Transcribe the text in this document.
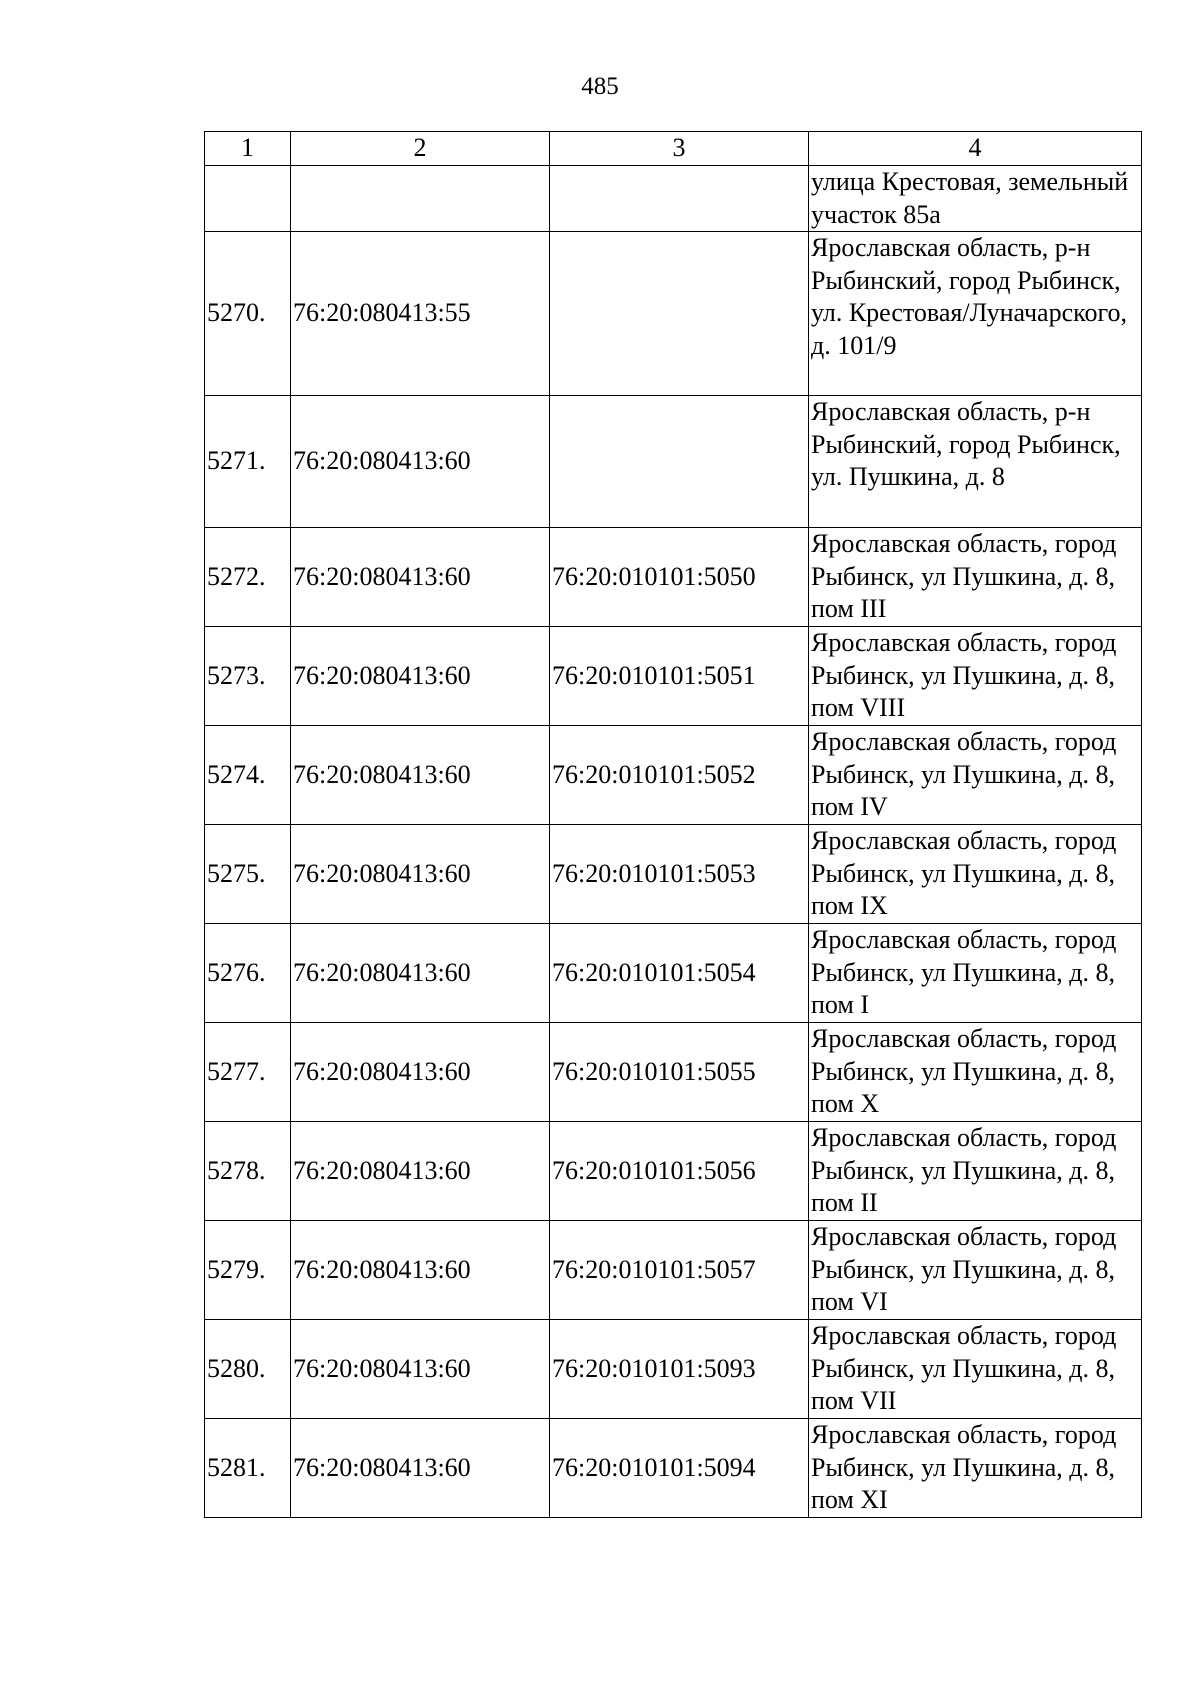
485
1	2	3	4
			улица Крестовая, земельный участок 85а
5270.	76:20:080413:55		Ярославская область, р-н Рыбинский, город Рыбинск, ул. Крестовая/Луначарского, д. 101/9
5271.	76:20:080413:60		Ярославская область, р-н Рыбинский, город Рыбинск, ул. Пушкина, д. 8
5272.	76:20:080413:60	76:20:010101:5050	Ярославская область, город Рыбинск, ул Пушкина, д. 8, пом III
5273.	76:20:080413:60	76:20:010101:5051	Ярославская область, город Рыбинск, ул Пушкина, д. 8, пом VIII
5274.	76:20:080413:60	76:20:010101:5052	Ярославская область, город Рыбинск, ул Пушкина, д. 8, пом IV
5275.	76:20:080413:60	76:20:010101:5053	Ярославская область, город Рыбинск, ул Пушкина, д. 8, пом IX
5276.	76:20:080413:60	76:20:010101:5054	Ярославская область, город Рыбинск, ул Пушкина, д. 8, пом I
5277.	76:20:080413:60	76:20:010101:5055	Ярославская область, город Рыбинск, ул Пушкина, д. 8, пом X
5278.	76:20:080413:60	76:20:010101:5056	Ярославская область, город Рыбинск, ул Пушкина, д. 8, пом II
5279.	76:20:080413:60	76:20:010101:5057	Ярославская область, город Рыбинск, ул Пушкина, д. 8, пом VI
5280.	76:20:080413:60	76:20:010101:5093	Ярославская область, город Рыбинск, ул Пушкина, д. 8, пом VII
5281.	76:20:080413:60	76:20:010101:5094	Ярославская область, город Рыбинск, ул Пушкина, д. 8, пом XI
